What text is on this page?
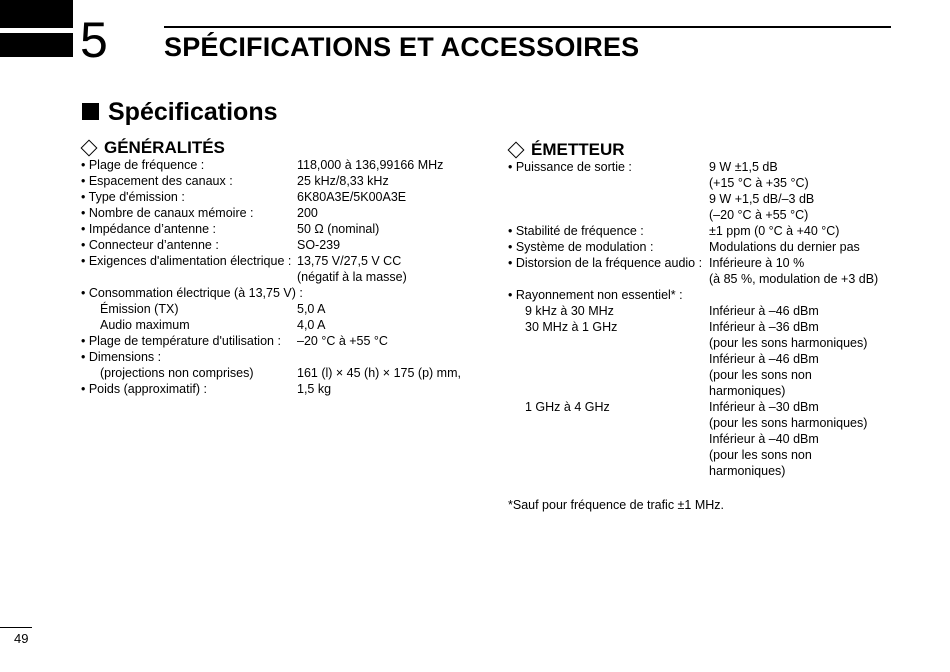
5 SPÉCIFICATIONS ET ACCESSOIRES
Spécifications
GÉNÉRALITÉS
• Plage de fréquence :	118,000 à 136,99166 MHz
• Espacement des canaux :	25 kHz/8,33 kHz
• Type d'émission :	6K80A3E/5K00A3E
• Nombre de canaux mémoire :	200
• Impédance d’antenne :	50 Ω (nominal)
• Connecteur d’antenne :	SO-239
• Exigences d'alimentation électrique : 13,75 V/27,5 V CC
(négatif à la masse)
• Consommation électrique (à 13,75 V) :
Émission (TX)	5,0 A
Audio maximum	4,0 A
• Plage de température d'utilisation : –20 °C à +55 °C
• Dimensions :
(projections non comprises)	161 (l) × 45 (h) × 175 (p) mm,
• Poids (approximatif) :	1,5 kg
ÉMETTEUR
• Puissance de sortie :	9 W ±1,5 dB
(+15 °C à +35 °C)
9 W +1,5 dB/–3 dB
(–20 °C à +55 °C)
• Stabilité de fréquence :	±1 ppm (0 °C à +40 °C)
• Système de modulation :	Modulations du dernier pas
• Distorsion de la fréquence audio : Inférieure à 10 %
(à 85 %, modulation de +3 dB)
• Rayonnement non essentiel* :
9 kHz à 30 MHz	Inférieur à –46 dBm
30 MHz à 1 GHz	Inférieur à –36 dBm
(pour les sons harmoniques)
Inférieur à –46 dBm
(pour les sons non
harmoniques)
1 GHz à 4 GHz	Inférieur à –30 dBm
(pour les sons harmoniques)
Inférieur à –40 dBm
(pour les sons non
harmoniques)
*Sauf pour fréquence de trafic ±1 MHz.
49
